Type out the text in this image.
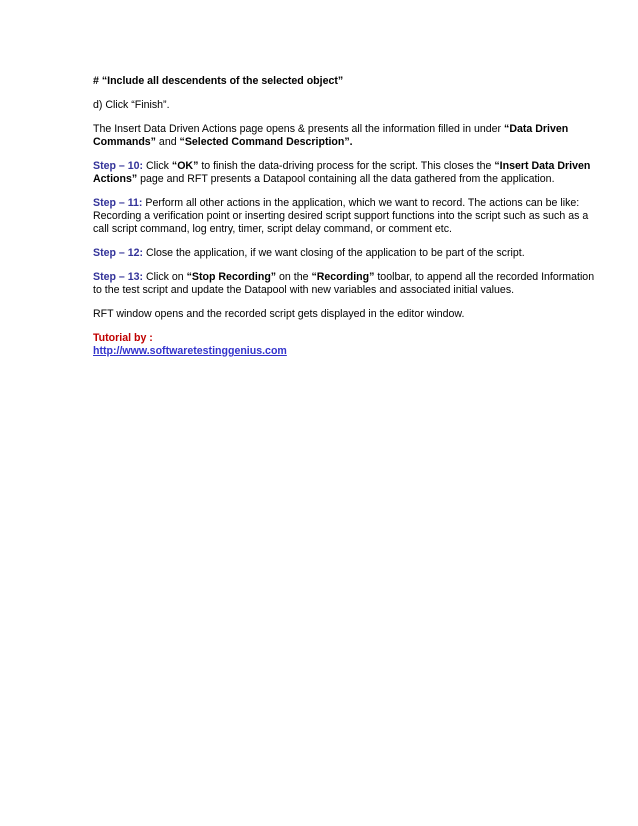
# “Include all descendents of the selected object”

d) Click “Finish”.

The Insert Data Driven Actions page opens & presents all the information filled in under “Data Driven Commands” and “Selected Command Description”.

Step – 10: Click “OK” to finish the data-driving process for the script. This closes the “Insert Data Driven Actions” page and RFT presents a Datapool containing all the data gathered from the application.

Step – 11: Perform all other actions in the application, which we want to record. The actions can be like: Recording a verification point or inserting desired script support functions into the script such as such as a call script command, log entry, timer, script delay command, or comment etc.

Step – 12: Close the application, if we want closing of the application to be part of the script.

Step – 13: Click on “Stop Recording” on the “Recording” toolbar, to append all the recorded Information to the test script and update the Datapool with new variables and associated initial values.

RFT window opens and the recorded script gets displayed in the editor window.

Tutorial by :

http://www.softwaretestinggenius.com
